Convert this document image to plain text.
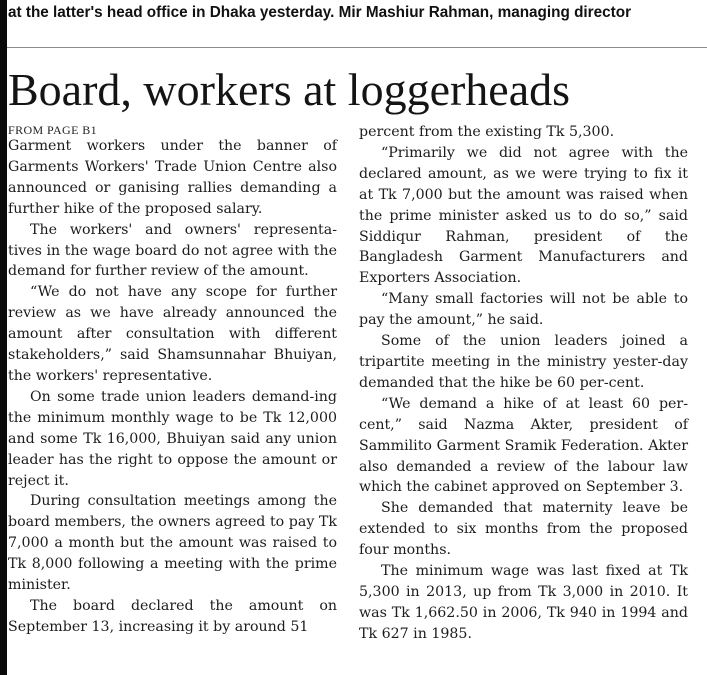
at the latter's head office in Dhaka yesterday. Mir Mashiur Rahman, managing director
Board, workers at loggerheads
FROM PAGE B1

Garment workers under the banner of Garments Workers' Trade Union Centre also announced or ganising rallies demanding a further hike of the proposed salary.

The workers' and owners' representa-tives in the wage board do not agree with the demand for further review of the amount.

“We do not have any scope for further review as we have already announced the amount after consultation with different stakeholders,” said Shamsunnahar Bhuiyan, the workers' representative.

On some trade union leaders demand-ing the minimum monthly wage to be Tk 12,000 and some Tk 16,000, Bhuiyan said any union leader has the right to oppose the amount or reject it.

During consultation meetings among the board members, the owners agreed to pay Tk 7,000 a month but the amount was raised to Tk 8,000 following a meeting with the prime minister.

The board declared the amount on September 13, increasing it by around 51

percent from the existing Tk 5,300.

“Primarily we did not agree with the declared amount, as we were trying to fix it at Tk 7,000 but the amount was raised when the prime minister asked us to do so,” said Siddiqur Rahman, president of the Bangladesh Garment Manufacturers and Exporters Association.

“Many small factories will not be able to pay the amount,” he said.

Some of the union leaders joined a tripartite meeting in the ministry yester-day demanded that the hike be 60 per-cent.

“We demand a hike of at least 60 per-cent,” said Nazma Akter, president of Sammilito Garment Sramik Federation. Akter also demanded a review of the labour law which the cabinet approved on September 3.

She demanded that maternity leave be extended to six months from the proposed four months.

The minimum wage was last fixed at Tk 5,300 in 2013, up from Tk 3,000 in 2010. It was Tk 1,662.50 in 2006, Tk 940 in 1994 and Tk 627 in 1985.
